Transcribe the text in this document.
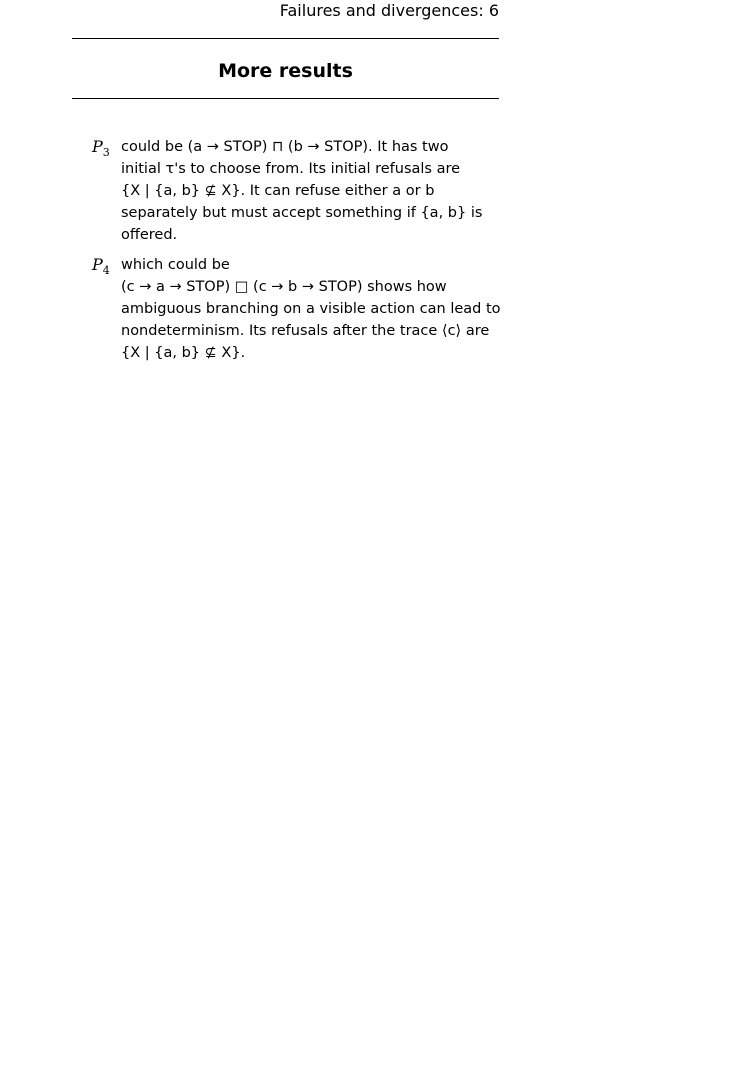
Failures and divergences: 6
More results
$P_3$ could be (a → STOP) ⊓ (b → STOP). It has two
initial τ's to choose from. Its initial refusals are
{X | {a, b} ⊈ X}. It can refuse either a or b
separately but must accept something if {a, b} is
offered.
$P_4$ which could be
(c → a → STOP) □ (c → b → STOP) shows how
ambiguous branching on a visible action can lead to
nondeterminism. Its refusals after the trace ⟨c⟩ are
{X | {a, b} ⊈ X}.
